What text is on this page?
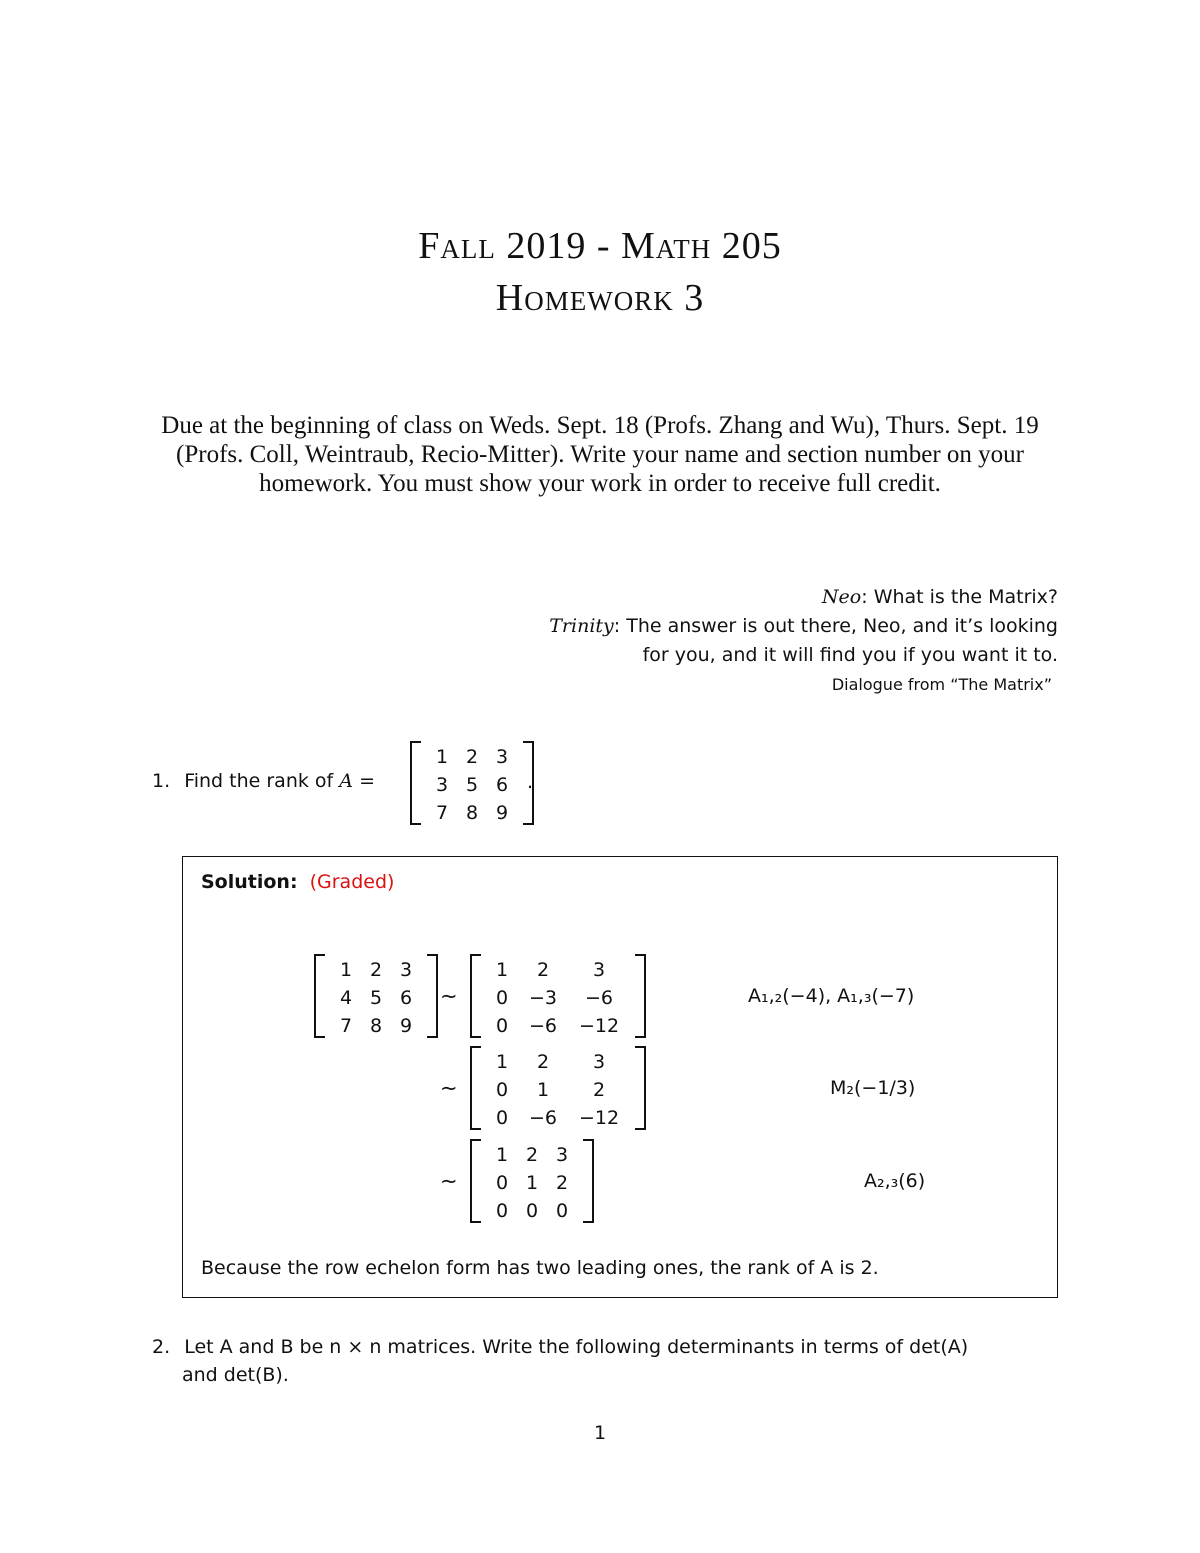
Fall 2019 - Math 205
Homework 3
Due at the beginning of class on Weds. Sept. 18 (Profs. Zhang and Wu), Thurs. Sept. 19 (Profs. Coll, Weintraub, Recio-Mitter). Write your name and section number on your homework. You must show your work in order to receive full credit.
Neo: What is the Matrix?
Trinity: The answer is out there, Neo, and it’s looking
for you, and it will find you if you want it to.
Dialogue from “The Matrix”
1. Find the rank of A =
1 2 3
3 5 6
7 8 9
.
Solution: (Graded)
1 2 3
4 5 6
7 8 9
∼
1	2	3
0	−3	−6
0	−6	−12
A₁,₂(−4), A₁,₃(−7)
∼
1	2	3
0	1	2
0	−6	−12
M₂(−1/3)
∼
1 2 3
0 1 2
0 0 0
A₂,₃(6)
Because the row echelon form has two leading ones, the rank of A is 2.
2. Let A and B be n × n matrices. Write the following determinants in terms of det(A)
and det(B).
1
